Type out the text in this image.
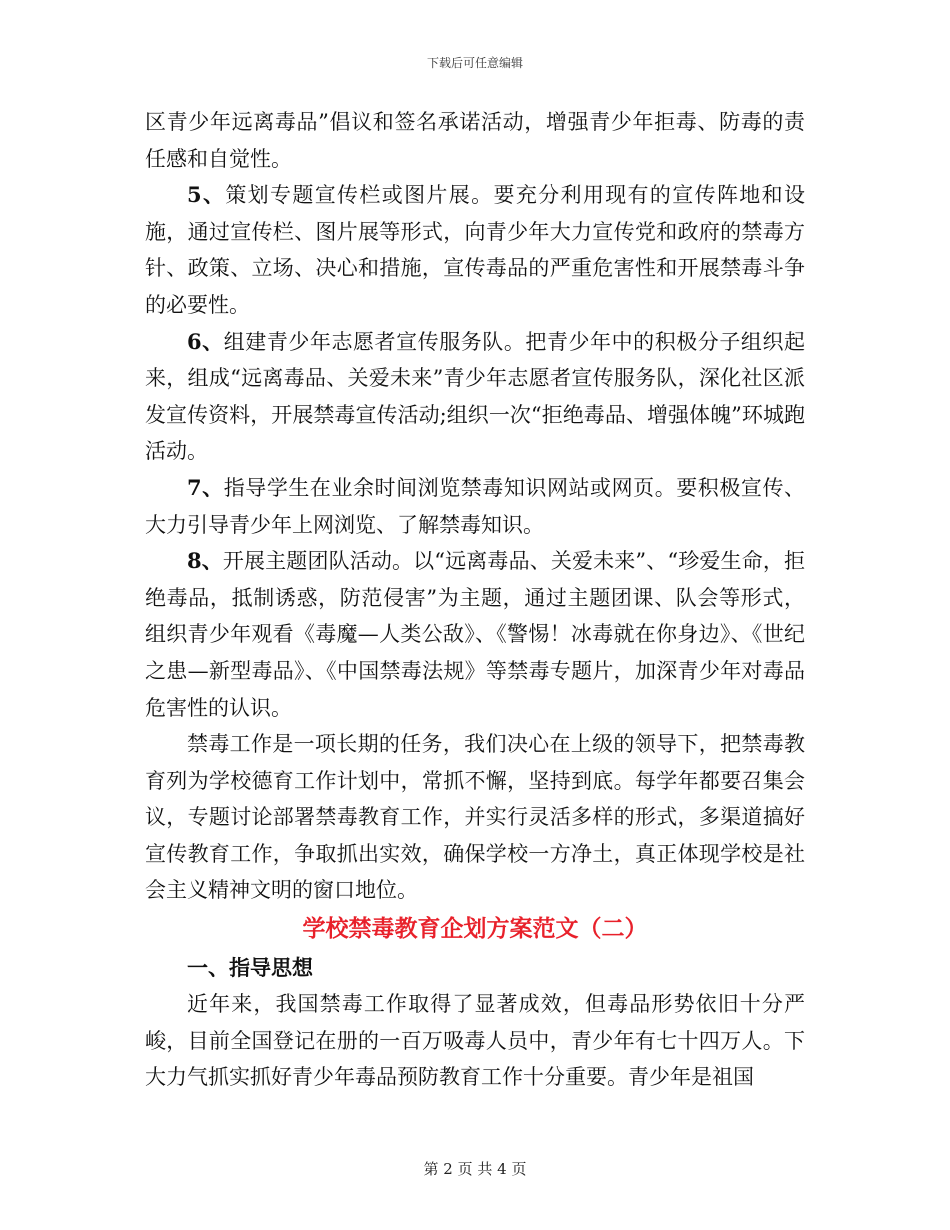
下载后可任意编辑

区青少年远离毒品”倡议和签名承诺活动，增强青少年拒毒、防毒的责任感和自觉性。

5、策划专题宣传栏或图片展。要充分利用现有的宣传阵地和设施，通过宣传栏、图片展等形式，向青少年大力宣传党和政府的禁毒方针、政策、立场、决心和措施，宣传毒品的严重危害性和开展禁毒斗争的必要性。

6、组建青少年志愿者宣传服务队。把青少年中的积极分子组织起来，组成“远离毒品、关爱未来”青少年志愿者宣传服务队，深化社区派发宣传资料，开展禁毒宣传活动;组织一次“拒绝毒品、增强体魄”环城跑活动。

7、指导学生在业余时间浏览禁毒知识网站或网页。要积极宣传、大力引导青少年上网浏览、了解禁毒知识。

8、开展主题团队活动。以“远离毒品、关爱未来”、“珍爱生命，拒绝毒品，抵制诱惑，防范侵害”为主题，通过主题团课、队会等形式，组织青少年观看《毒魔—人类公敌》、《警惕！冰毒就在你身边》、《世纪之患—新型毒品》、《中国禁毒法规》等禁毒专题片，加深青少年对毒品危害性的认识。

禁毒工作是一项长期的任务，我们决心在上级的领导下，把禁毒教育列为学校德育工作计划中，常抓不懈，坚持到底。每学年都要召集会议，专题讨论部署禁毒教育工作，并实行灵活多样的形式，多渠道搞好宣传教育工作，争取抓出实效，确保学校一方净土，真正体现学校是社会主义精神文明的窗口地位。

学校禁毒教育企划方案范文（二）
一、指导思想

近年来，我国禁毒工作取得了显著成效，但毒品形势依旧十分严峻，目前全国登记在册的一百万吸毒人员中，青少年有七十四万人。下大力气抓实抓好青少年毒品预防教育工作十分重要。青少年是祖国

第 2 页 共 4 页
